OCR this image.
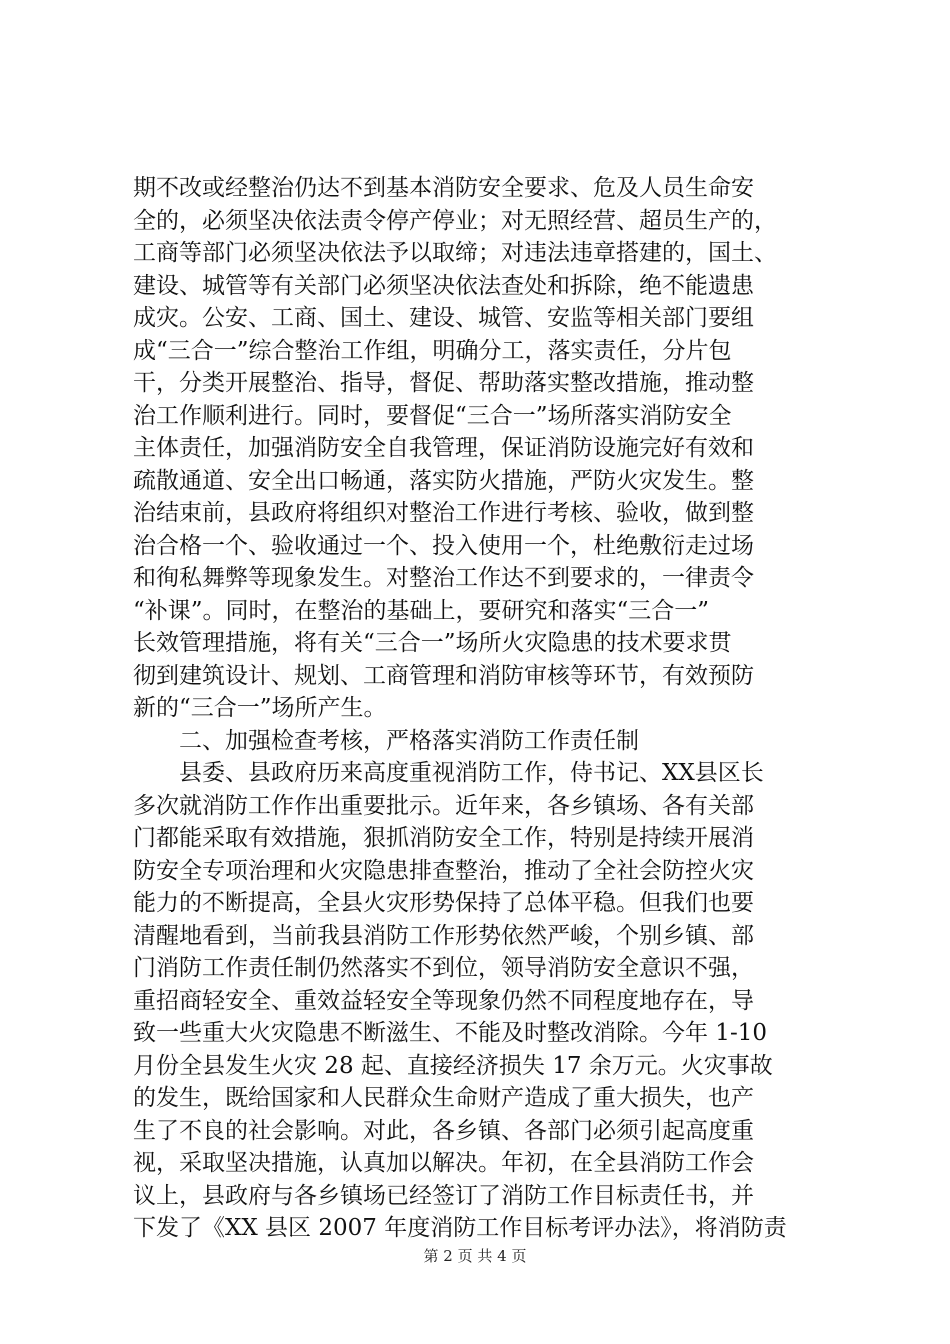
期不改或经整治仍达不到基本消防安全要求、危及人员生命安
全的，必须坚决依法责令停产停业；对无照经营、超员生产的，
工商等部门必须坚决依法予以取缔；对违法违章搭建的，国土、
建设、城管等有关部门必须坚决依法查处和拆除，绝不能遗患
成灾。公安、工商、国土、建设、城管、安监等相关部门要组
成“三合一”综合整治工作组，明确分工，落实责任，分片包
干，分类开展整治、指导，督促、帮助落实整改措施，推动整
治工作顺利进行。同时，要督促“三合一”场所落实消防安全
主体责任，加强消防安全自我管理，保证消防设施完好有效和
疏散通道、安全出口畅通，落实防火措施，严防火灾发生。整
治结束前，县政府将组织对整治工作进行考核、验收，做到整
治合格一个、验收通过一个、投入使用一个，杜绝敷衍走过场
和徇私舞弊等现象发生。对整治工作达不到要求的，一律责令
“补课”。同时，在整治的基础上，要研究和落实“三合一”
长效管理措施，将有关“三合一”场所火灾隐患的技术要求贯
彻到建筑设计、规划、工商管理和消防审核等环节，有效预防
新的“三合一”场所产生。
　　二、加强检查考核，严格落实消防工作责任制
　　县委、县政府历来高度重视消防工作，侍书记、XX县区长
多次就消防工作作出重要批示。近年来，各乡镇场、各有关部
门都能采取有效措施，狠抓消防安全工作，特别是持续开展消
防安全专项治理和火灾隐患排查整治，推动了全社会防控火灾
能力的不断提高，全县火灾形势保持了总体平稳。但我们也要
清醒地看到，当前我县消防工作形势依然严峻，个别乡镇、部
门消防工作责任制仍然落实不到位，领导消防安全意识不强，
重招商轻安全、重效益轻安全等现象仍然不同程度地存在，导
致一些重大火灾隐患不断滋生、不能及时整改消除。今年 1-10
月份全县发生火灾 28 起、直接经济损失 17 余万元。火灾事故
的发生，既给国家和人民群众生命财产造成了重大损失，也产
生了不良的社会影响。对此，各乡镇、各部门必须引起高度重
视，采取坚决措施，认真加以解决。年初，在全县消防工作会
议上，县政府与各乡镇场已经签订了消防工作目标责任书，并
下发了《XX 县区 2007 年度消防工作目标考评办法》，将消防责
第 2 页 共 4 页
